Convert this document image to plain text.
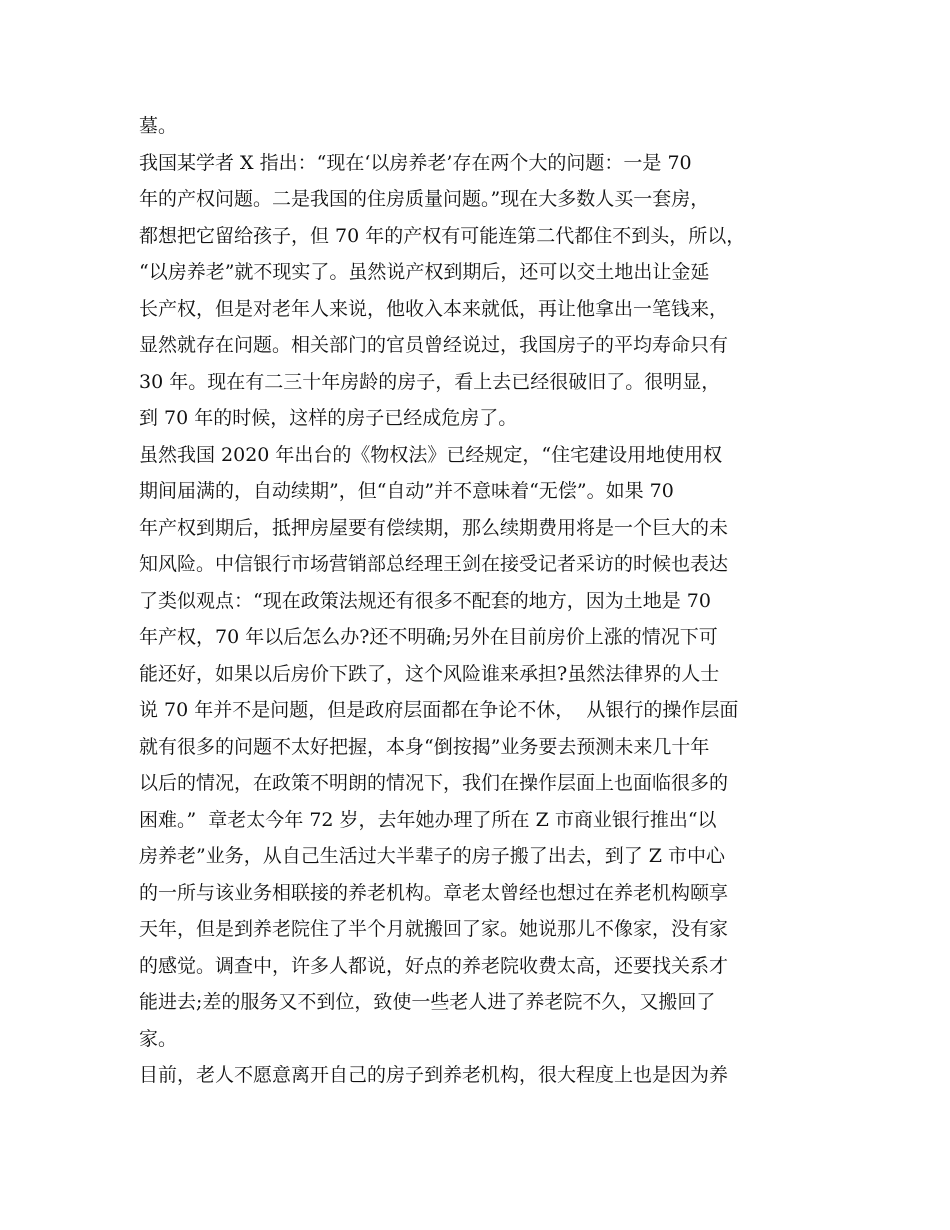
墓。
我国某学者 X 指出：“现在‘以房养老’存在两个大的问题：一是 70
年的产权问题。二是我国的住房质量问题。”现在大多数人买一套房，
都想把它留给孩子，但 70 年的产权有可能连第二代都住不到头，所以，
“以房养老”就不现实了。虽然说产权到期后，还可以交土地出让金延
长产权，但是对老年人来说，他收入本来就低，再让他拿出一笔钱来，
显然就存在问题。相关部门的官员曾经说过，我国房子的平均寿命只有
30 年。现在有二三十年房龄的房子，看上去已经很破旧了。很明显，
到 70 年的时候，这样的房子已经成危房了。
虽然我国 2020 年出台的《物权法》已经规定，“住宅建设用地使用权
期间届满的，自动续期”，但“自动”并不意味着“无偿”。如果 70
年产权到期后，抵押房屋要有偿续期，那么续期费用将是一个巨大的未
知风险。中信银行市场营销部总经理王剑在接受记者采访的时候也表达
了类似观点：“现在政策法规还有很多不配套的地方，因为土地是 70
年产权，70 年以后怎么办?还不明确;另外在目前房价上涨的情况下可
能还好，如果以后房价下跌了，这个风险谁来承担?虽然法律界的人士
说 70 年并不是问题，但是政府层面都在争论不休，  从银行的操作层面
就有很多的问题不太好把握，本身“倒按揭”业务要去预测未来几十年
以后的情况，在政策不明朗的情况下，我们在操作层面上也面临很多的
困难。”  章老太今年 72 岁，去年她办理了所在 Z 市商业银行推出“以
房养老”业务，从自己生活过大半辈子的房子搬了出去，到了 Z 市中心
的一所与该业务相联接的养老机构。章老太曾经也想过在养老机构颐享
天年，但是到养老院住了半个月就搬回了家。她说那儿不像家，没有家
的感觉。调查中，许多人都说，好点的养老院收费太高，还要找关系才
能进去;差的服务又不到位，致使一些老人进了养老院不久，又搬回了
家。
目前，老人不愿意离开自己的房子到养老机构，很大程度上也是因为养
